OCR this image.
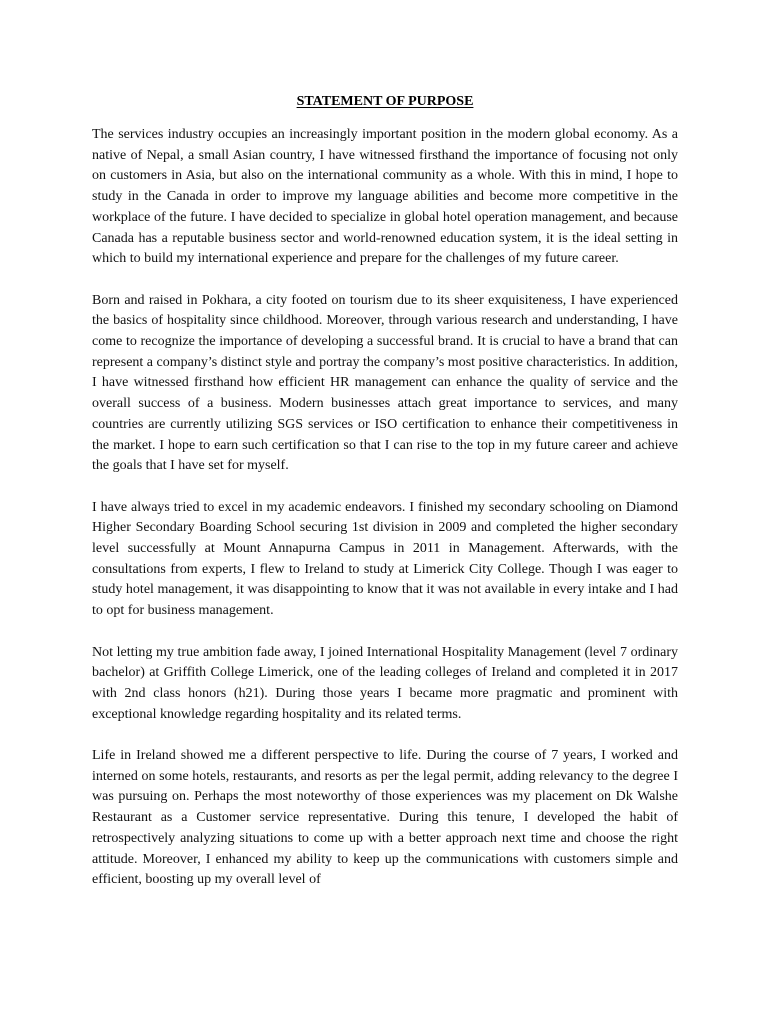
STATEMENT OF PURPOSE

The services industry occupies an increasingly important position in the modern global economy. As a native of Nepal, a small Asian country, I have witnessed firsthand the importance of focusing not only on customers in Asia, but also on the international community as a whole. With this in mind, I hope to study in the Canada in order to improve my language abilities and become more competitive in the workplace of the future. I have decided to specialize in global hotel operation management, and because Canada has a reputable business sector and world-renowned education system, it is the ideal setting in which to build my international experience and prepare for the challenges of my future career.

Born and raised in Pokhara, a city footed on tourism due to its sheer exquisiteness, I have experienced the basics of hospitality since childhood. Moreover, through various research and understanding, I have come to recognize the importance of developing a successful brand. It is crucial to have a brand that can represent a company’s distinct style and portray the company’s most positive characteristics. In addition, I have witnessed firsthand how efficient HR management can enhance the quality of service and the overall success of a business. Modern businesses attach great importance to services, and many countries are currently utilizing SGS services or ISO certification to enhance their competitiveness in the market. I hope to earn such certification so that I can rise to the top in my future career and achieve the goals that I have set for myself.

I have always tried to excel in my academic endeavors. I finished my secondary schooling on Diamond Higher Secondary Boarding School securing 1st division in 2009 and completed the higher secondary level successfully at Mount Annapurna Campus in 2011 in Management. Afterwards, with the consultations from experts, I flew to Ireland to study at Limerick City College. Though I was eager to study hotel management, it was disappointing to know that it was not available in every intake and I had to opt for business management.

Not letting my true ambition fade away, I joined International Hospitality Management (level 7 ordinary bachelor) at Griffith College Limerick, one of the leading colleges of Ireland and completed it in 2017 with 2nd class honors (h21). During those years I became more pragmatic and prominent with exceptional knowledge regarding hospitality and its related terms.

Life in Ireland showed me a different perspective to life. During the course of 7 years, I worked and interned on some hotels, restaurants, and resorts as per the legal permit, adding relevancy to the degree I was pursuing on. Perhaps the most noteworthy of those experiences was my placement on Dk Walshe Restaurant as a Customer service representative. During this tenure, I developed the habit of retrospectively analyzing situations to come up with a better approach next time and choose the right attitude. Moreover, I enhanced my ability to keep up the communications with customers simple and efficient, boosting up my overall level of
